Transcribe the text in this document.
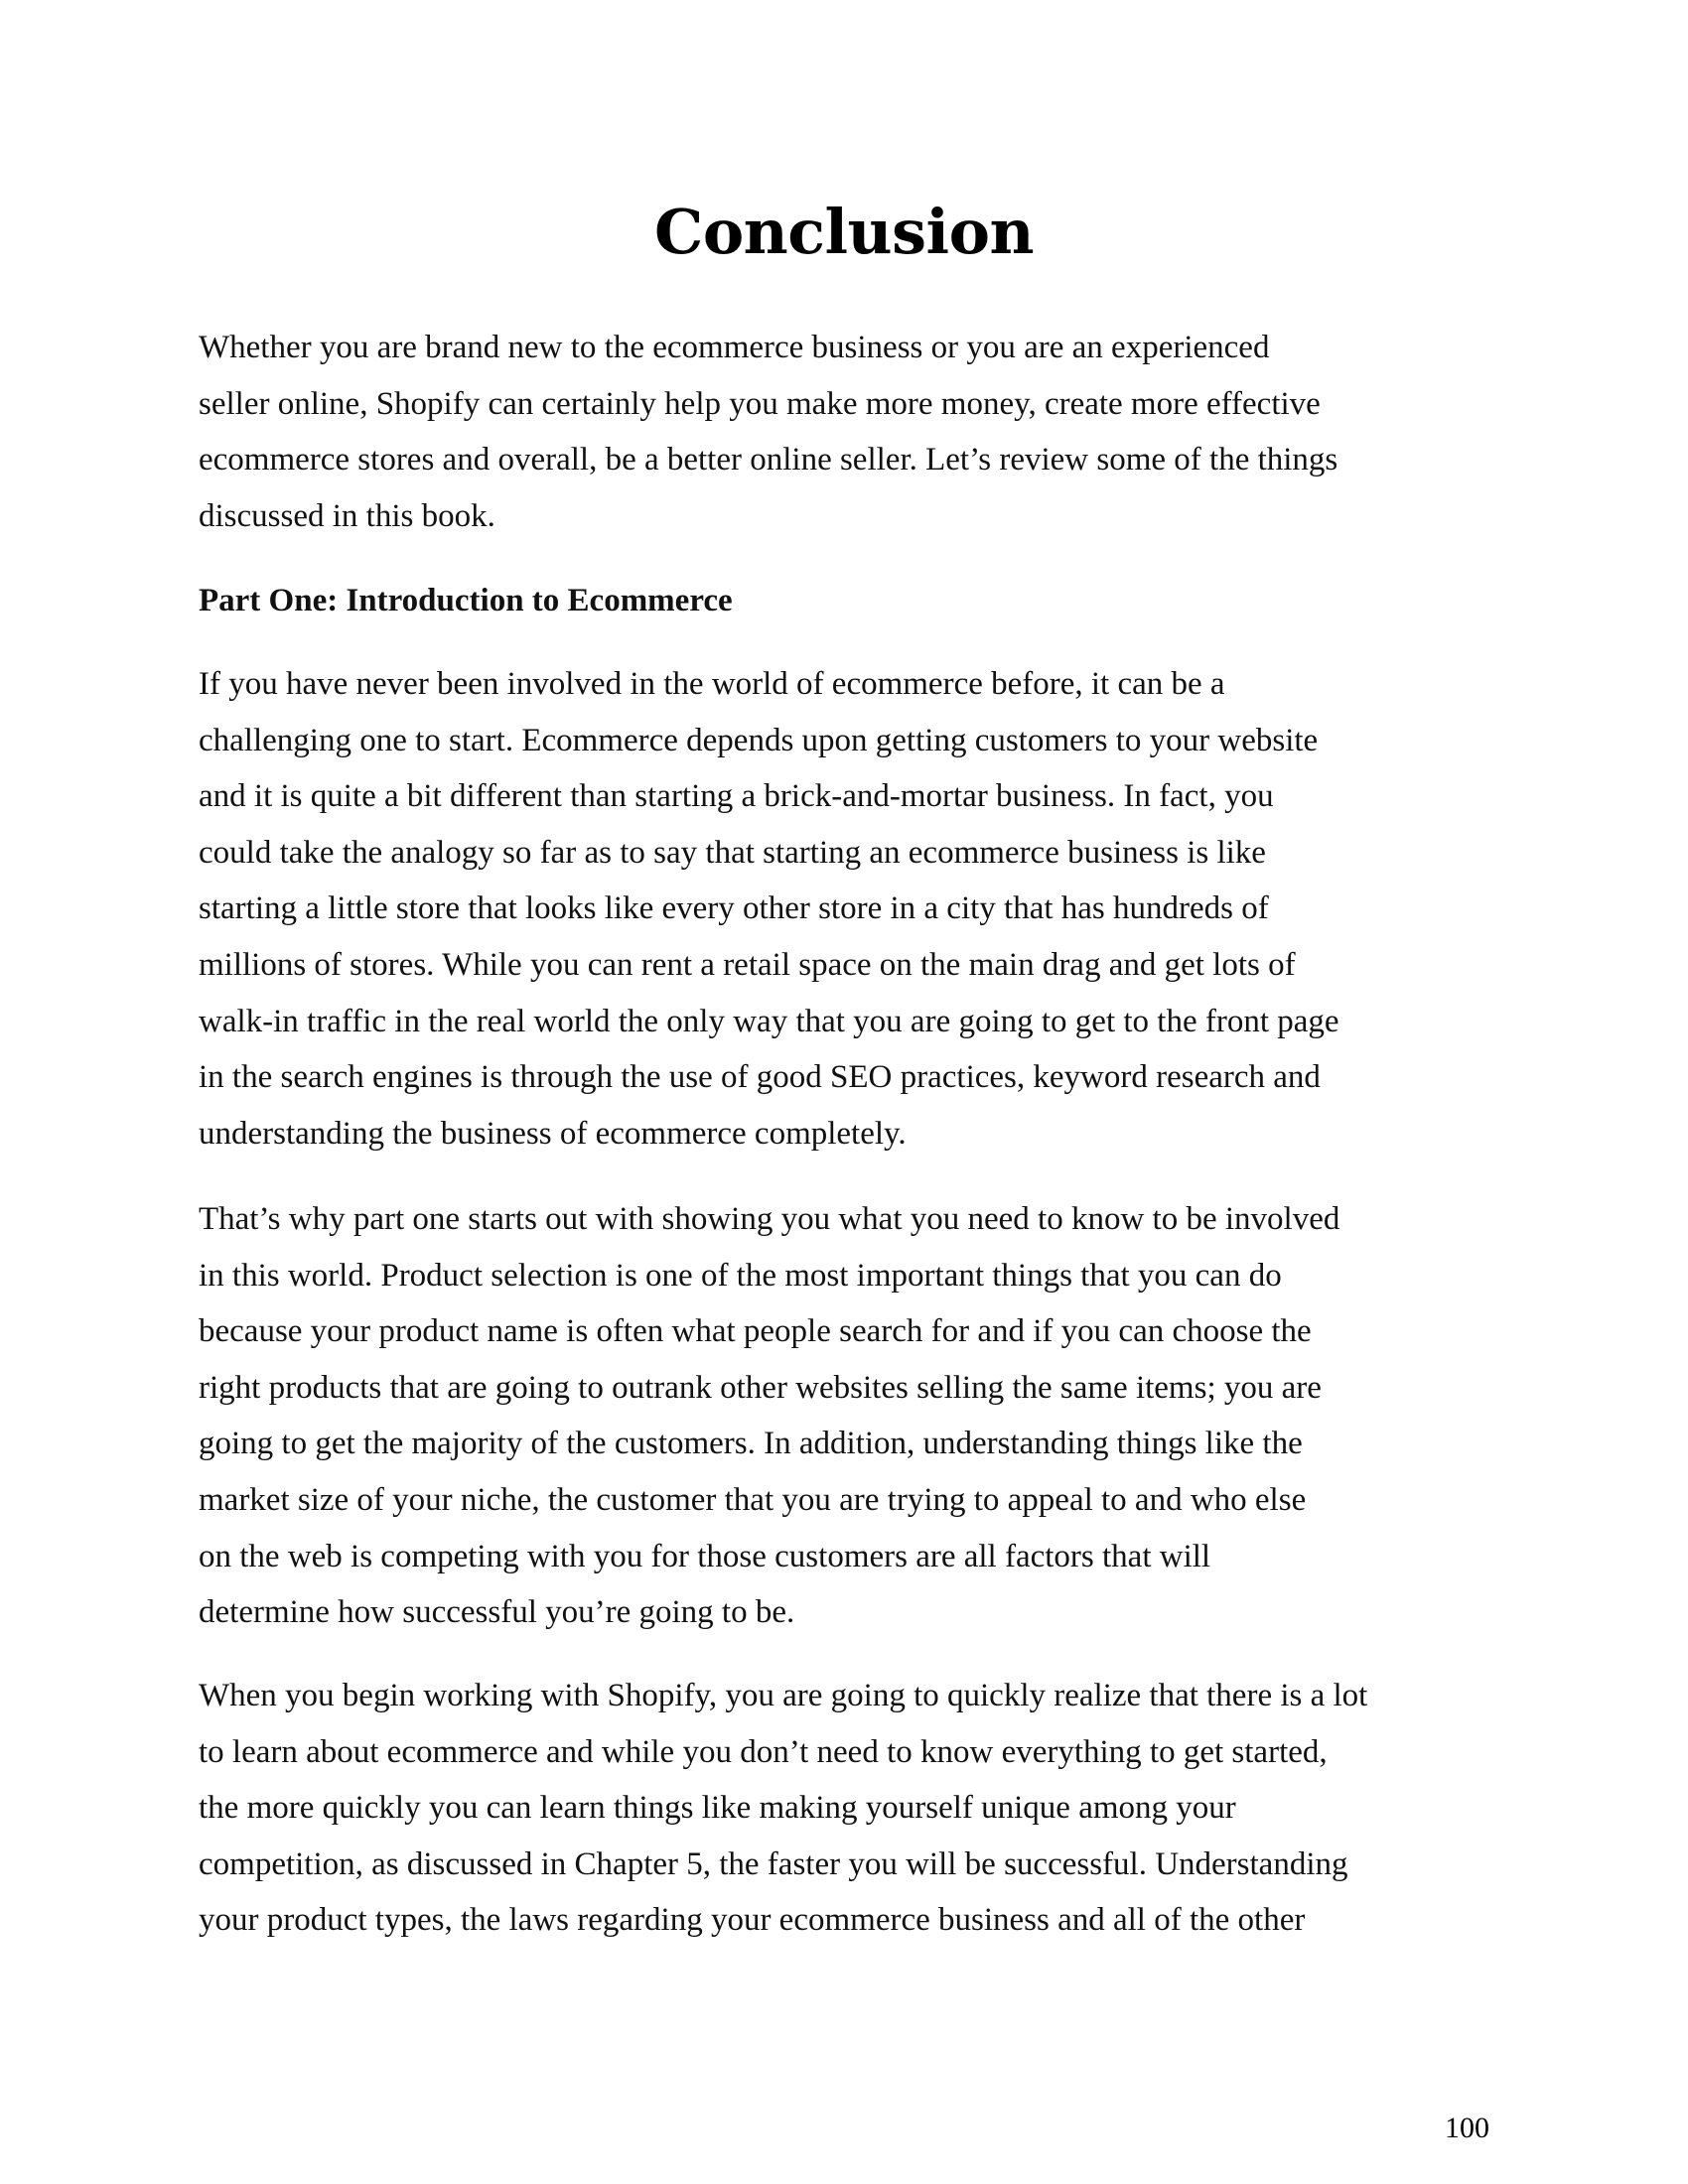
Conclusion
Whether you are brand new to the ecommerce business or you are an experienced
seller online, Shopify can certainly help you make more money, create more effective
ecommerce stores and overall, be a better online seller. Let’s review some of the things
discussed in this book.
Part One: Introduction to Ecommerce
If you have never been involved in the world of ecommerce before, it can be a
challenging one to start. Ecommerce depends upon getting customers to your website
and it is quite a bit different than starting a brick-and-mortar business. In fact, you
could take the analogy so far as to say that starting an ecommerce business is like
starting a little store that looks like every other store in a city that has hundreds of
millions of stores. While you can rent a retail space on the main drag and get lots of
walk-in traffic in the real world the only way that you are going to get to the front page
in the search engines is through the use of good SEO practices, keyword research and
understanding the business of ecommerce completely.
That’s why part one starts out with showing you what you need to know to be involved
in this world. Product selection is one of the most important things that you can do
because your product name is often what people search for and if you can choose the
right products that are going to outrank other websites selling the same items; you are
going to get the majority of the customers. In addition, understanding things like the
market size of your niche, the customer that you are trying to appeal to and who else
on the web is competing with you for those customers are all factors that will
determine how successful you’re going to be.
When you begin working with Shopify, you are going to quickly realize that there is a lot
to learn about ecommerce and while you don’t need to know everything to get started,
the more quickly you can learn things like making yourself unique among your
competition, as discussed in Chapter 5, the faster you will be successful. Understanding
your product types, the laws regarding your ecommerce business and all of the other
100
